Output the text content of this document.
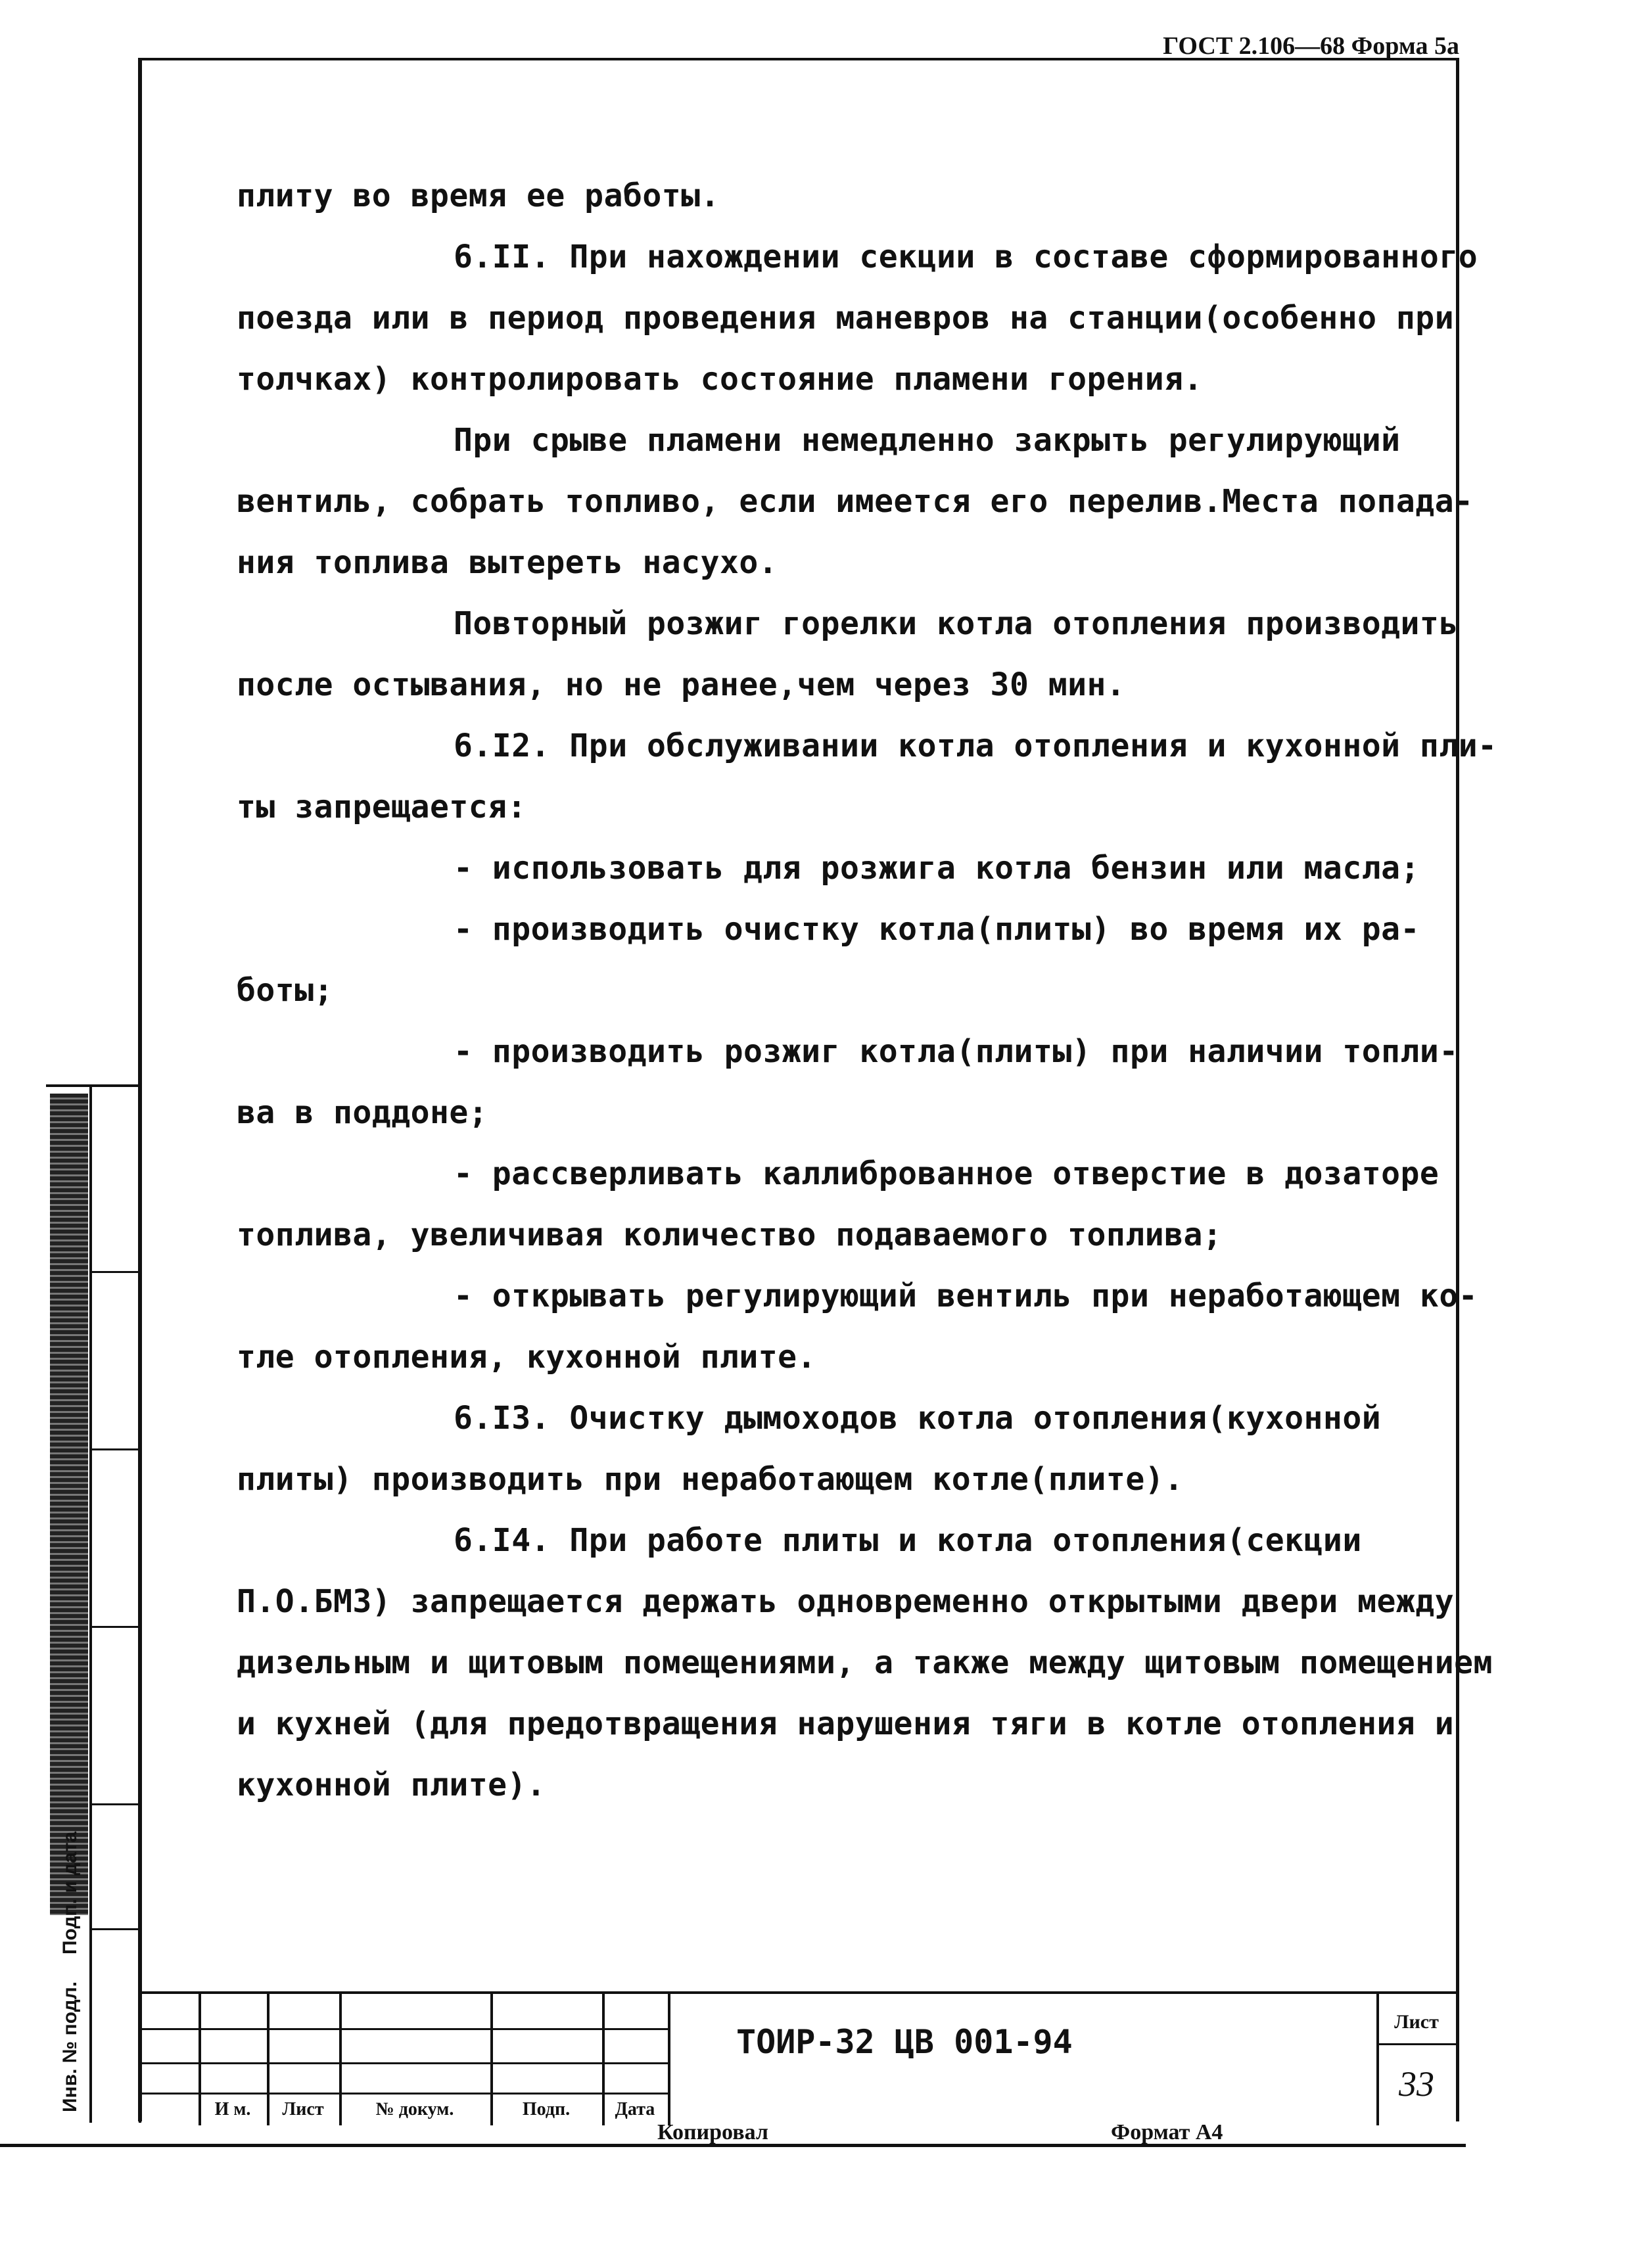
ГОСТ 2.106—68 Форма 5а
плиту во время ее работы.
6.II. При нахождении секции в составе сформированного
поезда или в период проведения маневров на станции(особенно при
толчках) контролировать состояние пламени горения.
При срыве пламени немедленно закрыть регулирующий
вентиль, собрать топливо, если имеется его перелив.Места попада-
ния топлива вытереть насухо.
Повторный розжиг горелки котла отопления производить
после остывания, но не ранее,чем через 30 мин.
6.I2. При обслуживании котла отопления и кухонной пли-
ты запрещается:
- использовать для розжига котла бензин или масла;
- производить очистку котла(плиты) во время их ра-
боты;
- производить розжиг котла(плиты) при наличии топли-
ва в поддоне;
- рассверливать каллиброванное отверстие в дозаторе
топлива, увеличивая количество подаваемого топлива;
- открывать регулирующий вентиль при неработающем ко-
тле отопления, кухонной плите.
6.I3. Очистку дымоходов котла отопления(кухонной
плиты) производить при неработающем котле(плите).
6.I4. При работе плиты и котла отопления(секции
П.О.БМЗ) запрещается держать одновременно открытыми двери между
дизельным и щитовым помещениями, а также между щитовым помещением
и кухней (для предотвращения нарушения тяги в котле отопления и
кухонной плите).
Инв. № подл.
Подп. и дата
И м.	Лист	№ докум.	Подп.	Дата
ТОИР-32 ЦВ 001-94
Лист
33
Копировал	Формат А4
